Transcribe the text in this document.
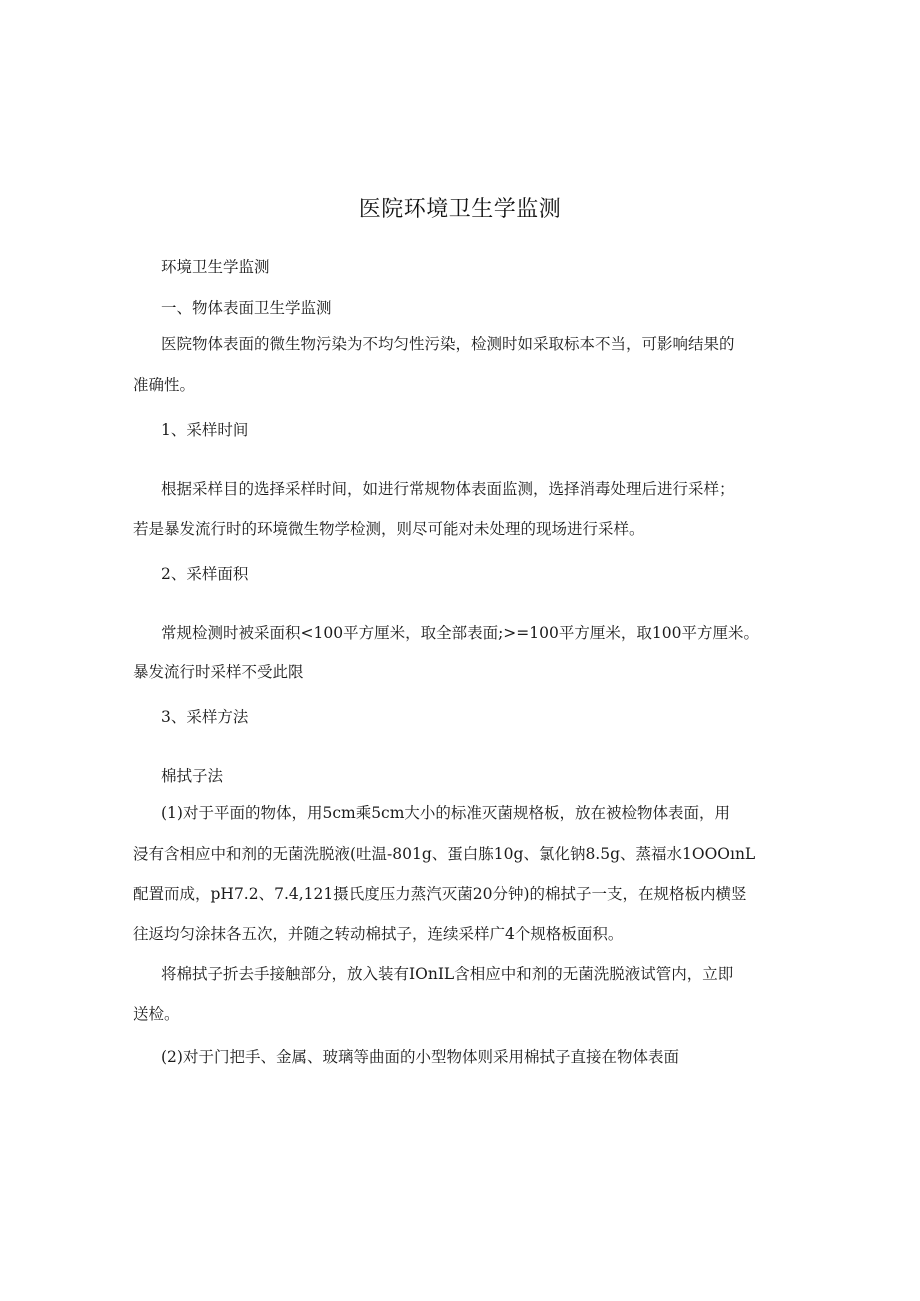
医院环境卫生学监测
环境卫生学监测
一、物体表面卫生学监测
医院物体表面的微生物污染为不均匀性污染，检测时如采取标本不当，可影响结果的
准确性。
1、采样时间
根据采样目的选择采样时间，如进行常规物体表面监测，选择消毒处理后进行采样；
若是暴发流行时的环境微生物学检测，则尽可能对未处理的现场进行采样。
2、采样面积
常规检测时被采面积<100平方厘米，取全部表面;>=100平方厘米，取100平方厘米。
暴发流行时采样不受此限
3、采样方法
棉拭子法
(1)对于平面的物体，用5cm乘5cm大小的标准灭菌规格板，放在被检物体表面，用
浸有含相应中和剂的无菌洗脱液(吐温-801g、蛋白胨10g、氯化钠8.5g、蒸福水1OOOınL
配置而成，pH7.2、7.4,121摄氏度压力蒸汽灭菌20分钟)的棉拭子一支，在规格板内横竖
往返均匀涂抹各五次，并随之转动棉拭子，连续采样广4个规格板面积。
将棉拭子折去手接触部分，放入装有IOnIL含相应中和剂的无菌洗脱液试管内，立即
送检。
(2)对于门把手、金属、玻璃等曲面的小型物体则采用棉拭子直接在物体表面
